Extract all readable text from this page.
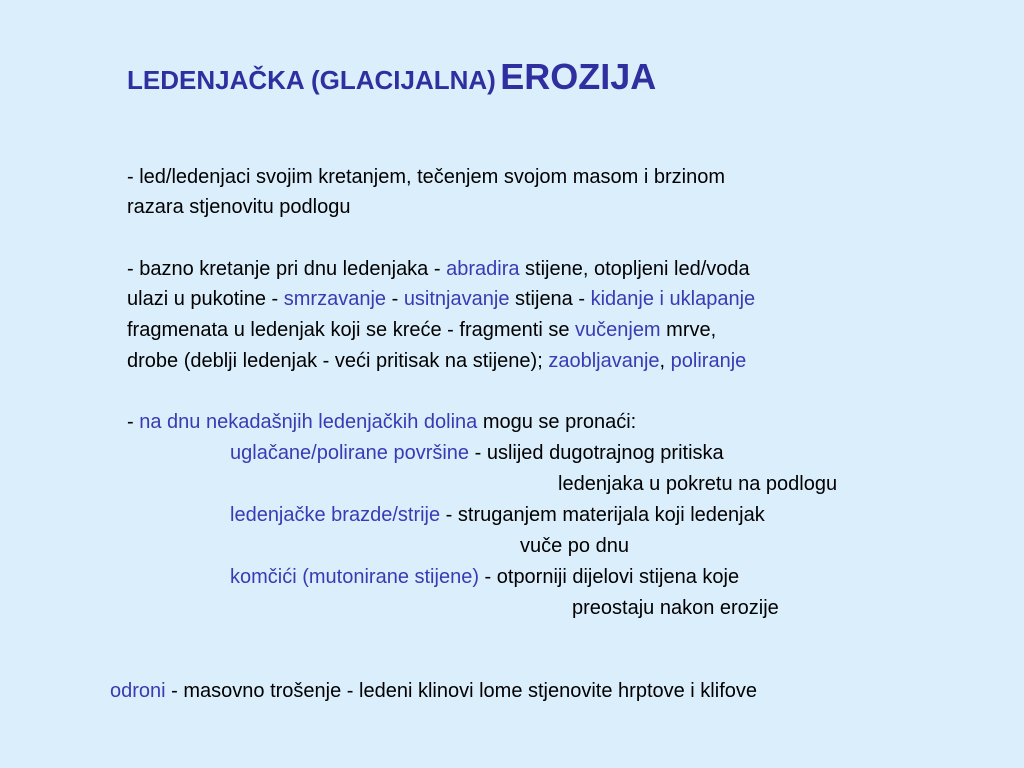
LEDENJAČKA (GLACIJALNA) EROZIJA
- led/ledenjaci svojim kretanjem, tečenjem svojom masom i brzinom
razara stjenovitu podlogu
- bazno kretanje pri dnu ledenjaka - abradira stijene, otopljeni led/voda
ulazi u pukotine - smrzavanje - usitnjavanje stijena - kidanje i uklapanje
fragmenata u ledenjak koji se kreće - fragmenti se vučenjem mrve,
drobe (deblji ledenjak - veći pritisak na stijene); zaobljavanje, poliranje
- na dnu nekadašnjih ledenjačkih dolina mogu se pronaći:
uglačane/polirane površine - uslijed dugotrajnog pritiska
ledenjaka u pokretu na podlogu
ledenjačke brazde/strije - struganjem materijala koji ledenjak
vuče po dnu
komčići (mutonirane stijene) - otporniji dijelovi stijena koje
preostaju nakon erozije
odroni - masovno trošenje - ledeni klinovi lome stjenovite hrptove i klifove
